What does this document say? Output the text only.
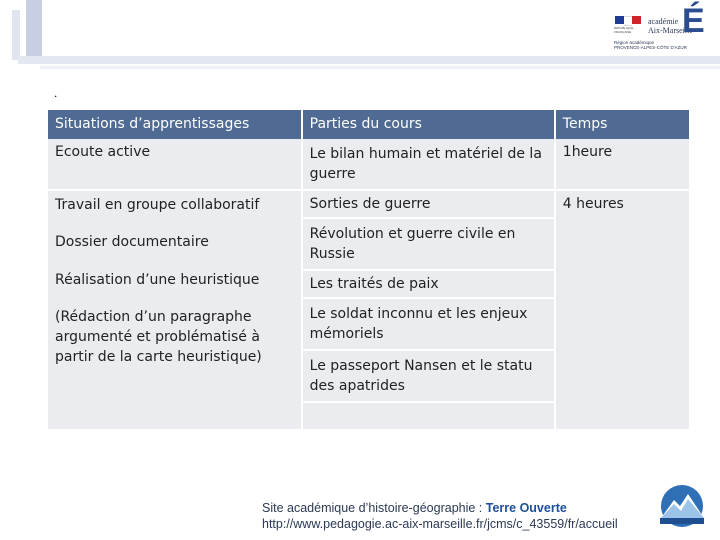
RÉPUBLIQUE FRANÇAISE
académie
Aix-Marseille
É
Région académique
PROVENCE-ALPES-CÔTE D'AZUR
.
Situations d’apprentissages	Parties du cours	Temps

Ecoute active	Le bilan humain et matériel de la guerre	1heure

Travail en groupe collaboratif
Dossier documentaire
Réalisation d’une heuristique
(Rédaction d’un paragraphe argumenté et problématisé à partir de la carte heuristique)	Sorties de guerre	4 heures

	Révolution et guerre civile en Russie	

	Les traités de paix	

	Le soldat inconnu et les enjeux mémoriels	

	Le passeport Nansen et le statu des apatrides	

Site académique d’histoire-géographie : Terre Ouverte
http://www.pedagogie.ac-aix-marseille.fr/jcms/c_43559/fr/accueil
